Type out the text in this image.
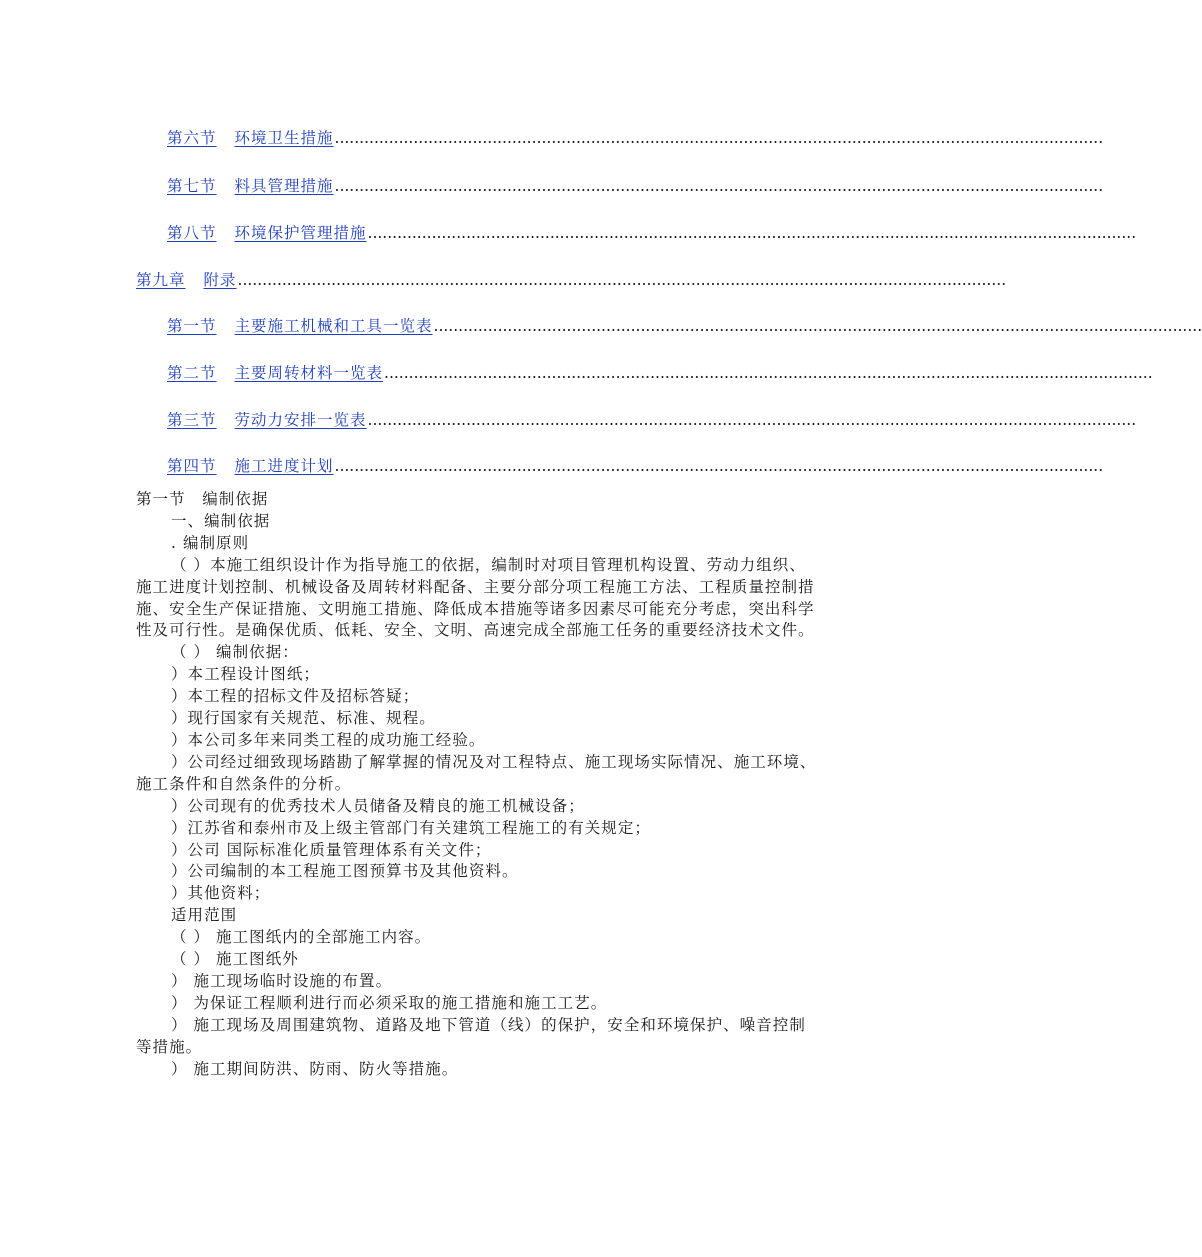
第六节 环境卫生措施 ............................................................................................................................................................
第七节 料具管理措施 ............................................................................................................................................................
第八节 环境保护管理措施 ............................................................................................................................................................
第九章 附录 ............................................................................................................................................................
第一节 主要施工机械和工具一览表 ............................................................................................................................................................
第二节 主要周转材料一览表 ............................................................................................................................................................
第三节 劳动力安排一览表 ............................................................................................................................................................
第四节 施工进度计划 ............................................................................................................................................................

第一节　编制依据

一、编制依据

. 编制原则

（ ）本施工组织设计作为指导施工的依据，编制时对项目管理机构设置、劳动力组织、施工进度计划控制、机械设备及周转材料配备、主要分部分项工程施工方法、工程质量控制措施、安全生产保证措施、文明施工措施、降低成本措施等诸多因素尽可能充分考虑，突出科学性及可行性。是确保优质、低耗、安全、文明、高速完成全部施工任务的重要经济技术文件。

（ ） 编制依据：

）本工程设计图纸；

）本工程的招标文件及招标答疑；

）现行国家有关规范、标准、规程。

）本公司多年来同类工程的成功施工经验。

）公司经过细致现场踏勘了解掌握的情况及对工程特点、施工现场实际情况、施工环境、施工条件和自然条件的分析。

）公司现有的优秀技术人员储备及精良的施工机械设备；

）江苏省和泰州市及上级主管部门有关建筑工程施工的有关规定；

）公司 国际标准化质量管理体系有关文件；

）公司编制的本工程施工图预算书及其他资料。

）其他资料；

适用范围

（ ） 施工图纸内的全部施工内容。

（ ） 施工图纸外

） 施工现场临时设施的布置。

） 为保证工程顺利进行而必须采取的施工措施和施工工艺。

） 施工现场及周围建筑物、道路及地下管道（线）的保护，安全和环境保护、噪音控制等措施。

） 施工期间防洪、防雨、防火等措施。
